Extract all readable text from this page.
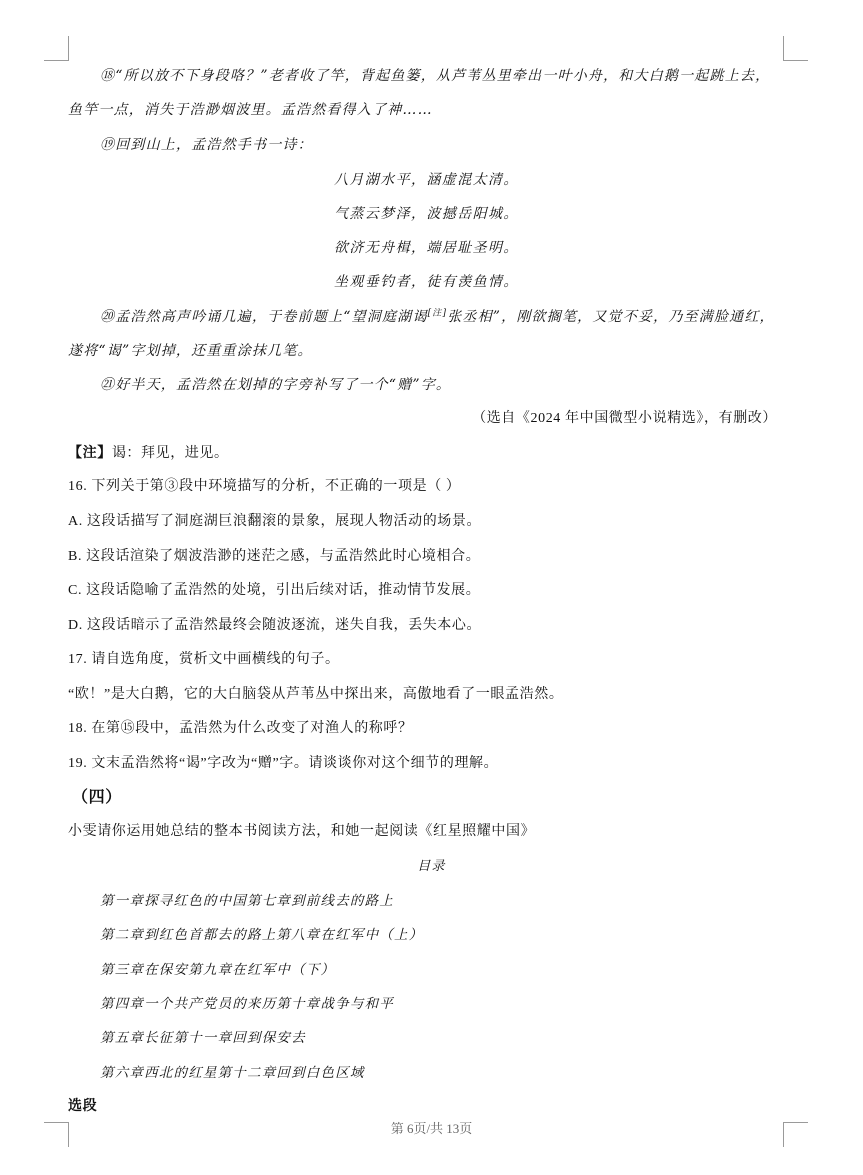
⑱“所以放不下身段咯？”老者收了竿，背起鱼篓，从芦苇丛里牵出一叶小舟，和大白鹅一起跳上去，
鱼竿一点，消失于浩渺烟波里。孟浩然看得入了神……
⑲回到山上，孟浩然手书一诗：
八月湖水平，涵虚混太清。
气蒸云梦泽，波撼岳阳城。
欲济无舟楫，端居耻圣明。
坐观垂钓者，徒有羡鱼情。
⑳孟浩然高声吟诵几遍，于卷前题上“望洞庭湖谒[注]张丞相”，刚欲搁笔，又觉不妥，乃至满脸通红，
遂将“谒”字划掉，还重重涂抹几笔。
㉑好半天，孟浩然在划掉的字旁补写了一个“赠”字。
（选自《2024 年中国微型小说精选》，有删改）
【注】谒：拜见，进见。
16. 下列关于第③段中环境描写的分析，不正确的一项是（ ）
A. 这段话描写了洞庭湖巨浪翻滚的景象，展现人物活动的场景。
B. 这段话渲染了烟波浩渺的迷茫之感，与孟浩然此时心境相合。
C. 这段话隐喻了孟浩然的处境，引出后续对话，推动情节发展。
D. 这段话暗示了孟浩然最终会随波逐流，迷失自我，丢失本心。
17. 请自选角度，赏析文中画横线的句子。
“欧！”是大白鹅，它的大白脑袋从芦苇丛中探出来，高傲地看了一眼孟浩然。
18. 在第⑮段中，孟浩然为什么改变了对渔人的称呼？
19. 文末孟浩然将“谒”字改为“赠”字。请谈谈你对这个细节的理解。
（四）
小雯请你运用她总结的整本书阅读方法，和她一起阅读《红星照耀中国》
目录
第一章探寻红色的中国第七章到前线去的路上
第二章到红色首都去的路上第八章在红军中（上）
第三章在保安第九章在红军中（下）
第四章一个共产党员的来历第十章战争与和平
第五章长征第十一章回到保安去
第六章西北的红星第十二章回到白色区域
选段
第 6页/共 13页
